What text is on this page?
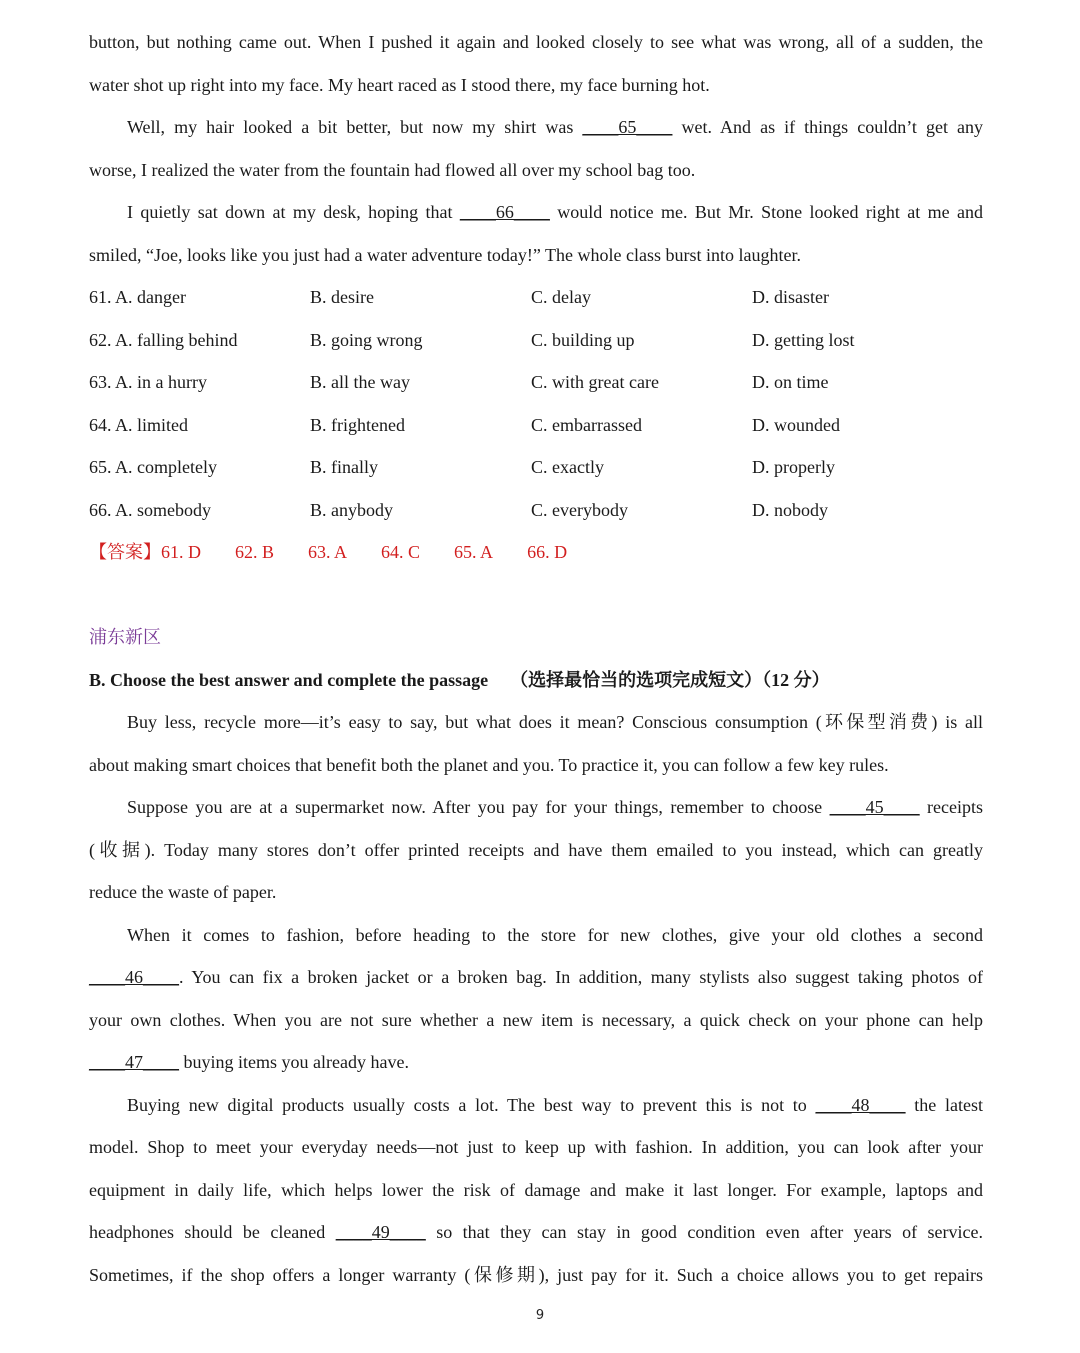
button, but nothing came out. When I pushed it again and looked closely to see what was wrong, all of a sudden, the
water shot up right into my face. My heart raced as I stood there, my face burning hot.
Well, my hair looked a bit better, but now my shirt was ____65____ wet. And as if things couldn’t get any
worse, I realized the water from the fountain had flowed all over my school bag too.
I quietly sat down at my desk, hoping that ____66____ would notice me. But Mr. Stone looked right at me and
smiled, “Joe, looks like you just had a water adventure today!” The whole class burst into laughter.
61. A. danger	B. desire	C. delay	D. disaster
62. A. falling behind	B. going wrong	C. building up	D. getting lost
63. A. in a hurry	B. all the way	C. with great care	D. on time
64. A. limited	B. frightened	C. embarrassed	D. wounded
65. A. completely	B. finally	C. exactly	D. properly
66. A. somebody	B. anybody	C. everybody	D. nobody
【答案】61. D 62. B 63. A 64. C 65. A 66. D
浦东新区
B. Choose the best answer and complete the passage （选择最恰当的选项完成短文）（12 分）
Buy less, recycle more—it’s easy to say, but what does it mean? Conscious consumption (环保型消费) is all
about making smart choices that benefit both the planet and you. To practice it, you can follow a few key rules.
Suppose you are at a supermarket now. After you pay for your things, remember to choose ____45____ receipts
(收据). Today many stores don’t offer printed receipts and have them emailed to you instead, which can greatly
reduce the waste of paper.
When it comes to fashion, before heading to the store for new clothes, give your old clothes a second
____46____. You can fix a broken jacket or a broken bag. In addition, many stylists also suggest taking photos of
your own clothes. When you are not sure whether a new item is necessary, a quick check on your phone can help
____47____ buying items you already have.
Buying new digital products usually costs a lot. The best way to prevent this is not to ____48____ the latest
model. Shop to meet your everyday needs—not just to keep up with fashion. In addition, you can look after your
equipment in daily life, which helps lower the risk of damage and make it last longer. For example, laptops and
headphones should be cleaned ____49____ so that they can stay in good condition even after years of service.
Sometimes, if the shop offers a longer warranty (保修期), just pay for it. Such a choice allows you to get repairs
9
